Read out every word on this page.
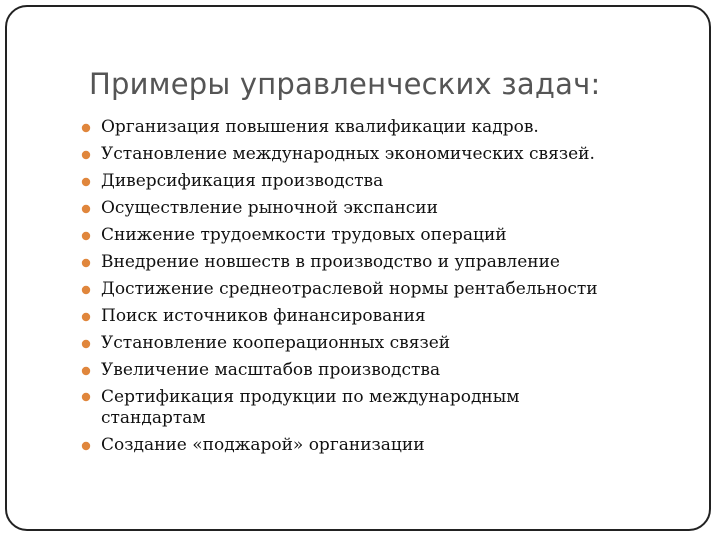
Примеры управленческих задач:
Организация повышения квалификации кадров.
Установление международных экономических связей.
Диверсификация производства
Осуществление рыночной экспансии
Снижение трудоемкости трудовых операций
Внедрение новшеств в производство и управление
Достижение среднеотраслевой нормы рентабельности
Поиск источников финансирования
Установление кооперационных связей
Увеличение масштабов производства
Сертификация продукции по международным стандартам
Создание «поджарой» организации
